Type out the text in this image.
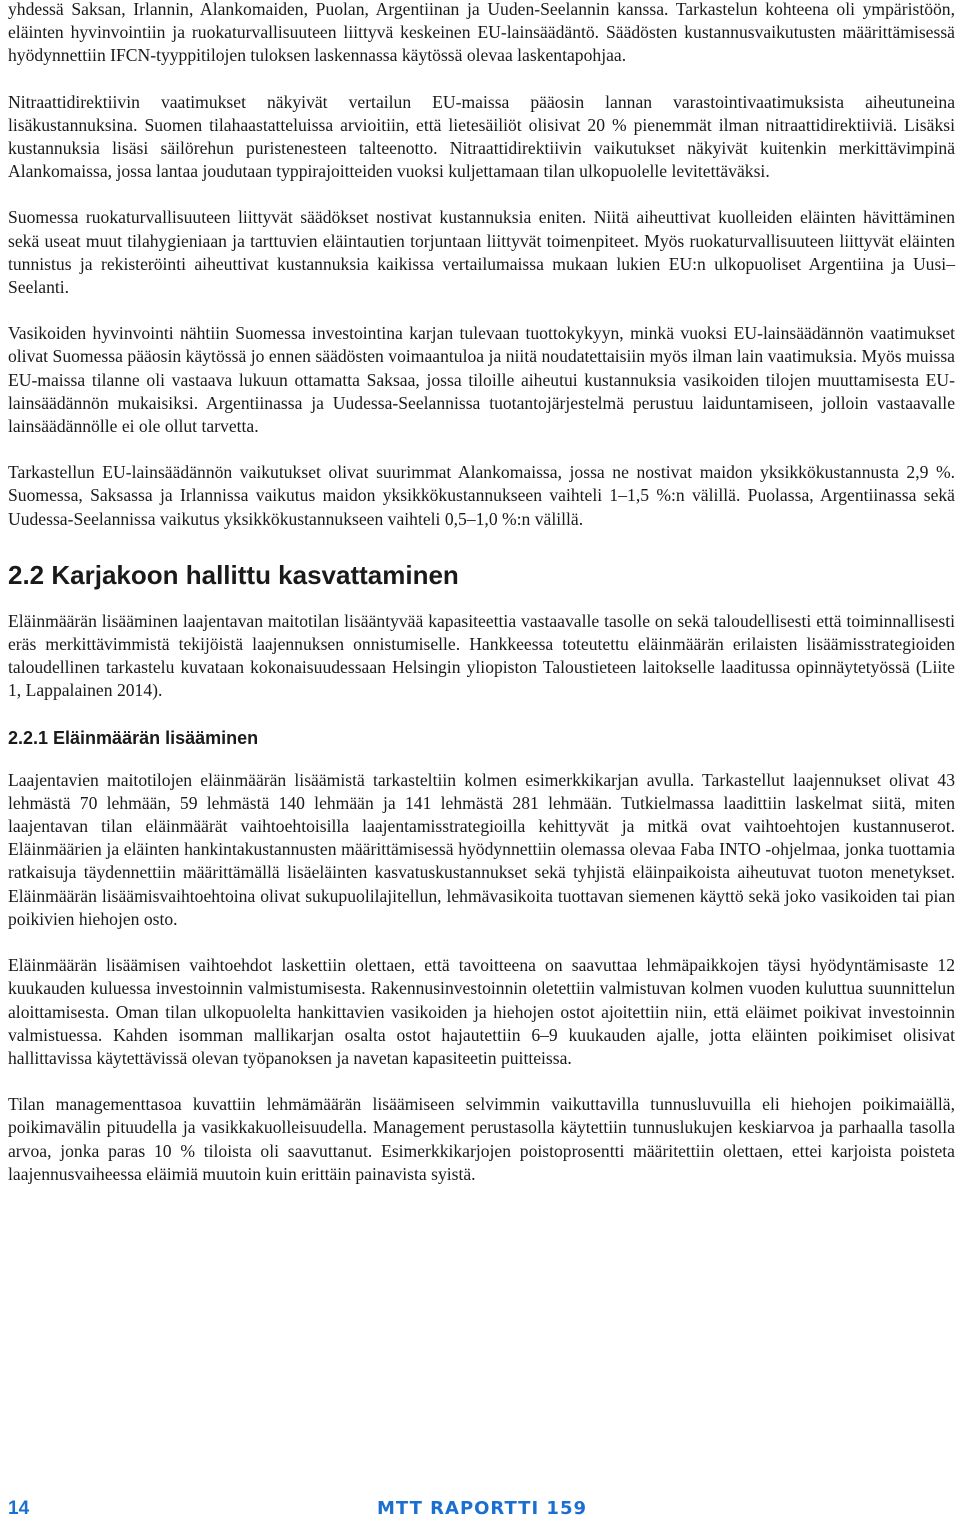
yhdessä Saksan, Irlannin, Alankomaiden, Puolan, Argentiinan ja Uuden-Seelannin kanssa. Tarkastelun kohteena oli ympäristöön, eläinten hyvinvointiin ja ruokaturvallisuuteen liittyvä keskeinen EU-lainsäädäntö. Säädösten kustannusvaikutusten määrittämisessä hyödynnettiin IFCN-tyyppitilojen tuloksen laskennassa käytössä olevaa laskentapohjaa.

Nitraattidirektiivin vaatimukset näkyivät vertailun EU-maissa pääosin lannan varastointivaatimuksista aiheutuneina lisäkustannuksina. Suomen tilahaastatteluissa arvioitiin, että lietesäiliöt olisivat 20 % pienemmät ilman nitraattidirektiiviä. Lisäksi kustannuksia lisäsi säilörehun puristenesteen talteenotto. Nitraattidirektiivin vaikutukset näkyivät kuitenkin merkittävimpinä Alankomaissa, jossa lantaa joudutaan typpirajoitteiden vuoksi kuljettamaan tilan ulkopuolelle levitettäväksi.

Suomessa ruokaturvallisuuteen liittyvät säädökset nostivat kustannuksia eniten. Niitä aiheuttivat kuolleiden eläinten hävittäminen sekä useat muut tilahygieniaan ja tarttuvien eläintautien torjuntaan liittyvät toimenpiteet. Myös ruokaturvallisuuteen liittyvät eläinten tunnistus ja rekisteröinti aiheuttivat kustannuksia kaikissa vertailumaissa mukaan lukien EU:n ulkopuoliset Argentiina ja Uusi–Seelanti.

Vasikoiden hyvinvointi nähtiin Suomessa investointina karjan tulevaan tuottokykyyn, minkä vuoksi EU-lainsäädännön vaatimukset olivat Suomessa pääosin käytössä jo ennen säädösten voimaantuloa ja niitä noudatettaisiin myös ilman lain vaatimuksia. Myös muissa EU-maissa tilanne oli vastaava lukuun ottamatta Saksaa, jossa tiloille aiheutui kustannuksia vasikoiden tilojen muuttamisesta EU-lainsäädännön mukaisiksi. Argentiinassa ja Uudessa-Seelannissa tuotantojärjestelmä perustuu laiduntamiseen, jolloin vastaavalle lainsäädännölle ei ole ollut tarvetta.

Tarkastellun EU-lainsäädännön vaikutukset olivat suurimmat Alankomaissa, jossa ne nostivat maidon yksikkökustannusta 2,9 %. Suomessa, Saksassa ja Irlannissa vaikutus maidon yksikkökustannukseen vaihteli 1–1,5 %:n välillä. Puolassa, Argentiinassa sekä Uudessa-Seelannissa vaikutus yksikkökustannukseen vaihteli 0,5–1,0 %:n välillä.

2.2 Karjakoon hallittu kasvattaminen

Eläinmäärän lisääminen laajentavan maitotilan lisääntyvää kapasiteettia vastaavalle tasolle on sekä taloudellisesti että toiminnallisesti eräs merkittävimmistä tekijöistä laajennuksen onnistumiselle. Hankkeessa toteutettu eläinmäärän erilaisten lisäämisstrategioiden taloudellinen tarkastelu kuvataan kokonaisuudessaan Helsingin yliopiston Taloustieteen laitokselle laaditussa opinnäytetyössä (Liite 1, Lappalainen 2014).

2.2.1 Eläinmäärän lisääminen

Laajentavien maitotilojen eläinmäärän lisäämistä tarkasteltiin kolmen esimerkkikarjan avulla. Tarkastellut laajennukset olivat 43 lehmästä 70 lehmään, 59 lehmästä 140 lehmään ja 141 lehmästä 281 lehmään. Tutkielmassa laadittiin laskelmat siitä, miten laajentavan tilan eläinmäärät vaihtoehtoisilla laajentamisstrategioilla kehittyvät ja mitkä ovat vaihtoehtojen kustannuserot. Eläinmäärien ja eläinten hankintakustannusten määrittämisessä hyödynnettiin olemassa olevaa Faba INTO -ohjelmaa, jonka tuottamia ratkaisuja täydennettiin määrittämällä lisäeläinten kasvatuskustannukset sekä tyhjistä eläinpaikoista aiheutuvat tuoton menetykset. Eläinmäärän lisäämisvaihtoehtoina olivat sukupuolilajitellun, lehmävasikoita tuottavan siemenen käyttö sekä joko vasikoiden tai pian poikivien hiehojen osto.

Eläinmäärän lisäämisen vaihtoehdot laskettiin olettaen, että tavoitteena on saavuttaa lehmäpaikkojen täysi hyödyntämisaste 12 kuukauden kuluessa investoinnin valmistumisesta. Rakennusinvestoinnin oletettiin valmistuvan kolmen vuoden kuluttua suunnittelun aloittamisesta. Oman tilan ulkopuolelta hankittavien vasikoiden ja hiehojen ostot ajoitettiin niin, että eläimet poikivat investoinnin valmistuessa. Kahden isomman mallikarjan osalta ostot hajautettiin 6–9 kuukauden ajalle, jotta eläinten poikimiset olisivat hallittavissa käytettävissä olevan työpanoksen ja navetan kapasiteetin puitteissa.

Tilan managementtasoa kuvattiin lehmämäärän lisäämiseen selvimmin vaikuttavilla tunnusluvuilla eli hiehojen poikimaiällä, poikimavälin pituudella ja vasikkakuolleisuudella. Management perustasolla käytettiin tunnuslukujen keskiarvoa ja parhaalla tasolla arvoa, jonka paras 10 % tiloista oli saavuttanut. Esimerkkikarjojen poistoprosentti määritettiin olettaen, ettei karjoista poisteta laajennusvaiheessa eläimiä muutoin kuin erittäin painavista syistä.

14	MTT RAPORTTI 159
